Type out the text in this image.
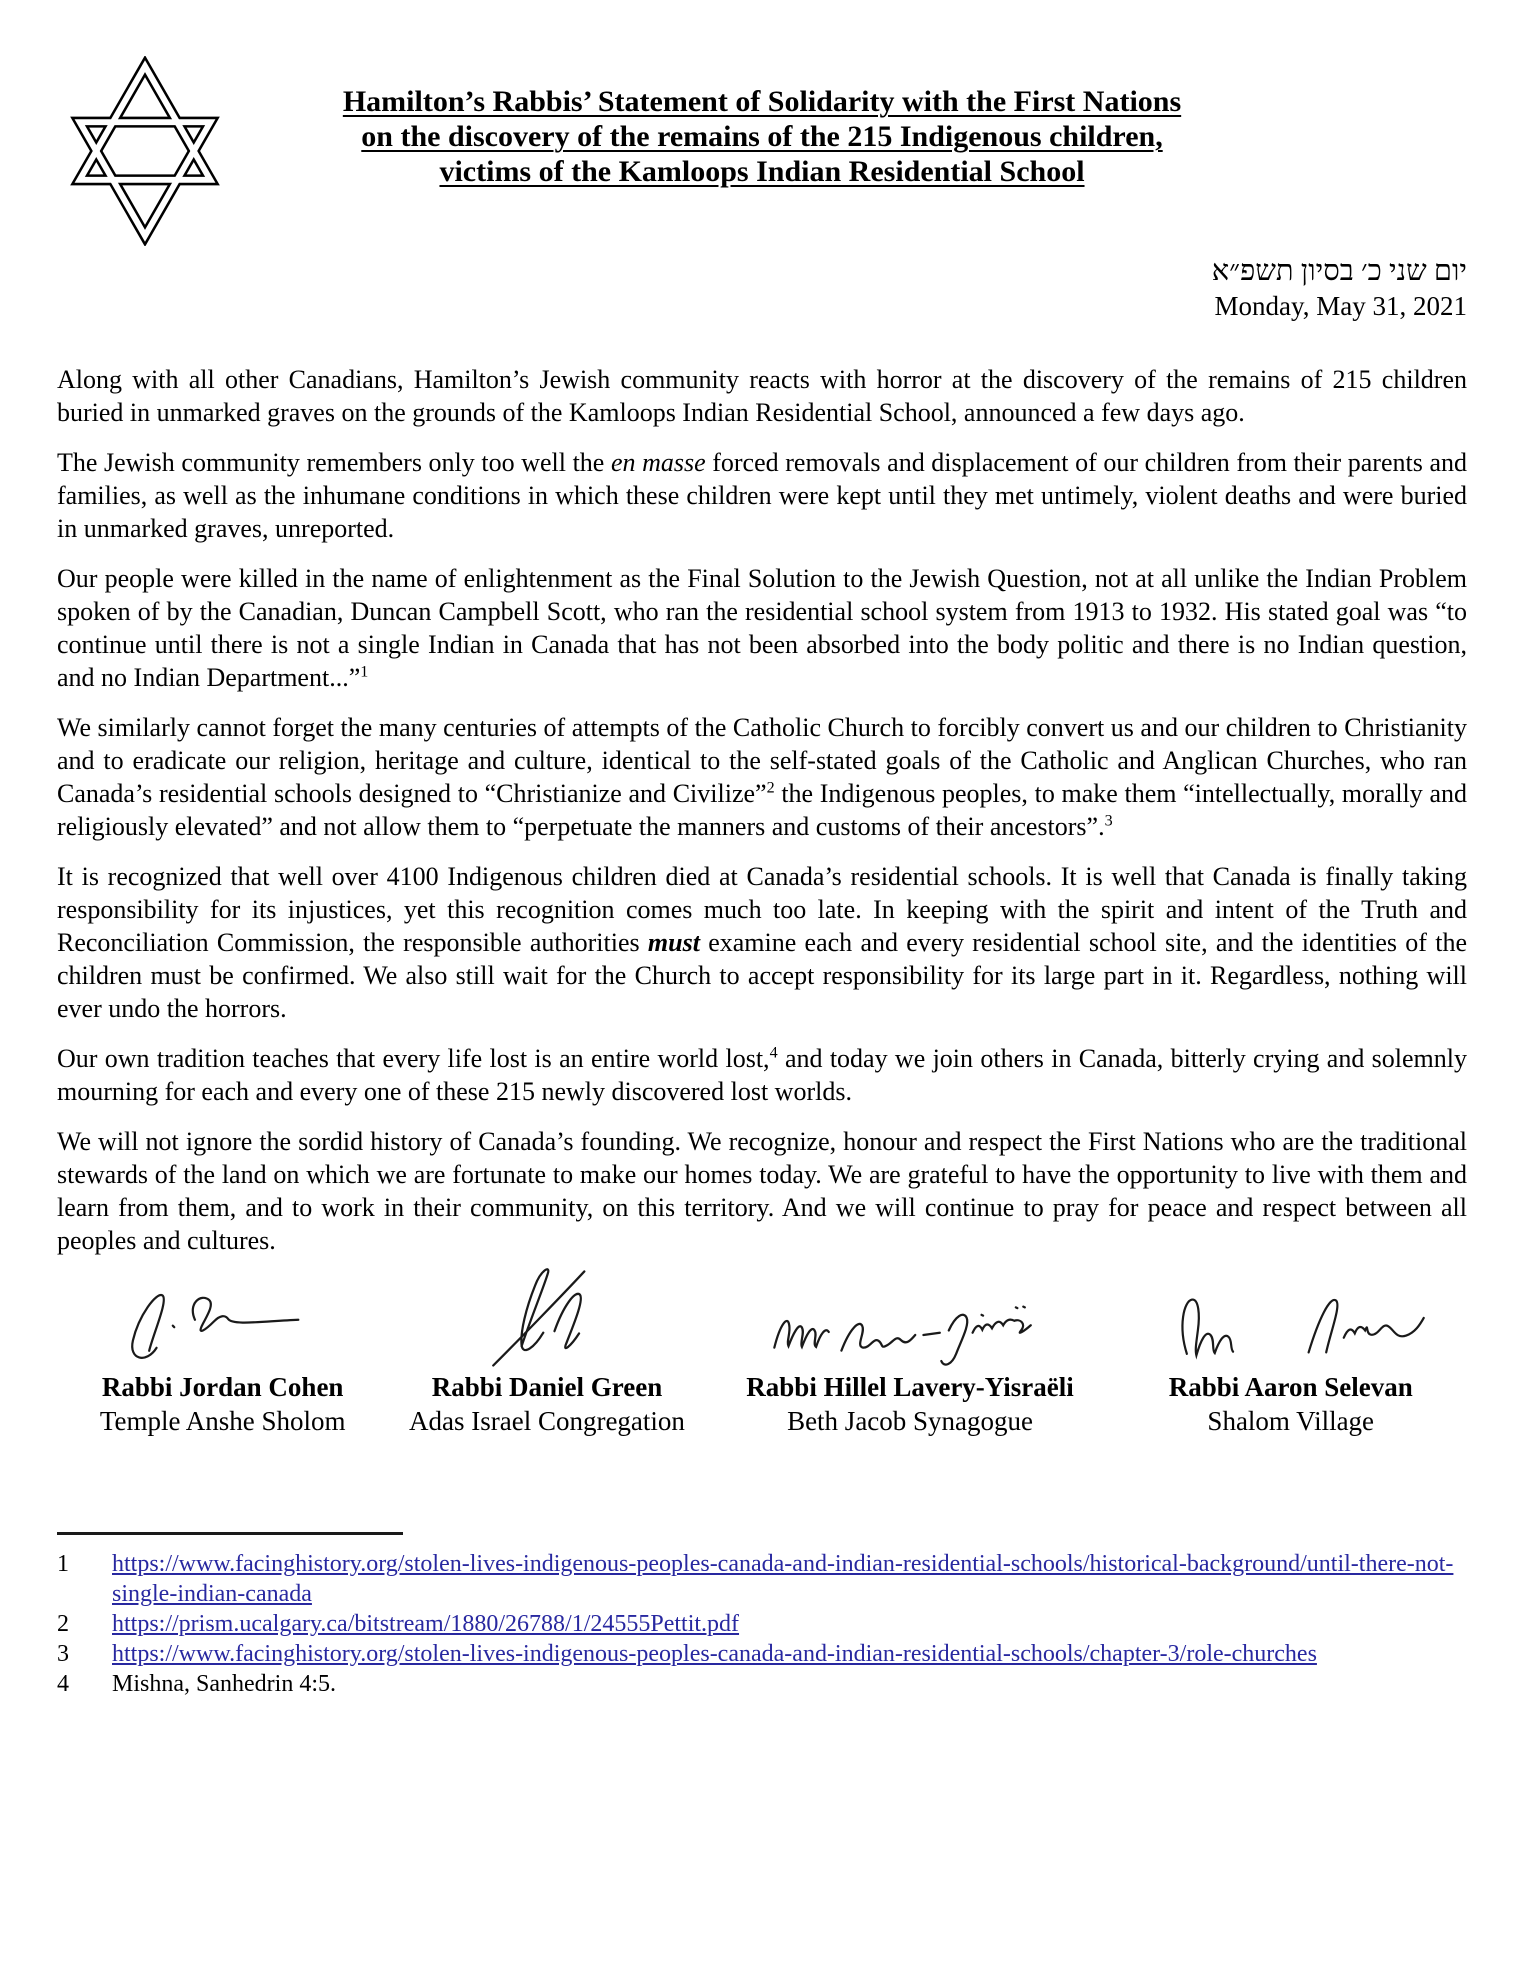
Hamilton’s Rabbis’ Statement of Solidarity with the First Nations
on the discovery of the remains of the 215 Indigenous children,
victims of the Kamloops Indian Residential School
יום שני כ׳ בסיון תשפ״א
Monday, May 31, 2021

Along with all other Canadians, Hamilton’s Jewish community reacts with horror at the discovery of the remains of 215 children buried in unmarked graves on the grounds of the Kamloops Indian Residential School, announced a few days ago.

The Jewish community remembers only too well the en masse forced removals and displacement of our children from their parents and families, as well as the inhumane conditions in which these children were kept until they met untimely, violent deaths and were buried in unmarked graves, unreported.

Our people were killed in the name of enlightenment as the Final Solution to the Jewish Question, not at all unlike the Indian Problem spoken of by the Canadian, Duncan Campbell Scott, who ran the residential school system from 1913 to 1932. His stated goal was “to continue until there is not a single Indian in Canada that has not been absorbed into the body politic and there is no Indian question, and no Indian Department...”$^1$

We similarly cannot forget the many centuries of attempts of the Catholic Church to forcibly convert us and our children to Christianity and to eradicate our religion, heritage and culture, identical to the self-stated goals of the Catholic and Anglican Churches, who ran Canada’s residential schools designed to “Christianize and Civilize”$^2$ the Indigenous peoples, to make them “intellectually, morally and religiously elevated” and not allow them to “perpetuate the manners and customs of their ancestors”.$^3$

It is recognized that well over 4100 Indigenous children died at Canada’s residential schools. It is well that Canada is finally taking responsibility for its injustices, yet this recognition comes much too late. In keeping with the spirit and intent of the Truth and Reconciliation Commission, the responsible authorities must examine each and every residential school site, and the identities of the children must be confirmed. We also still wait for the Church to accept responsibility for its large part in it. Regardless, nothing will ever undo the horrors.

Our own tradition teaches that every life lost is an entire world lost,$^4$ and today we join others in Canada, bitterly crying and solemnly mourning for each and every one of these 215 newly discovered lost worlds.

We will not ignore the sordid history of Canada’s founding. We recognize, honour and respect the First Nations who are the traditional stewards of the land on which we are fortunate to make our homes today. We are grateful to have the opportunity to live with them and learn from them, and to work in their community, on this territory. And we will continue to pray for peace and respect between all peoples and cultures.

Rabbi Jordan Cohen
Temple Anshe Sholom
Rabbi Daniel Green
Adas Israel Congregation
Rabbi Hillel Lavery-Yisraëli
Beth Jacob Synagogue
Rabbi Aaron Selevan
Shalom Village
1	https://www.facinghistory.org/stolen-lives-indigenous-peoples-canada-and-indian-residential-schools/historical-background/until-there-not-single-indian-canada
2	https://prism.ucalgary.ca/bitstream/1880/26788/1/24555Pettit.pdf
3	https://www.facinghistory.org/stolen-lives-indigenous-peoples-canada-and-indian-residential-schools/chapter-3/role-churches
4	Mishna, Sanhedrin 4:5.
